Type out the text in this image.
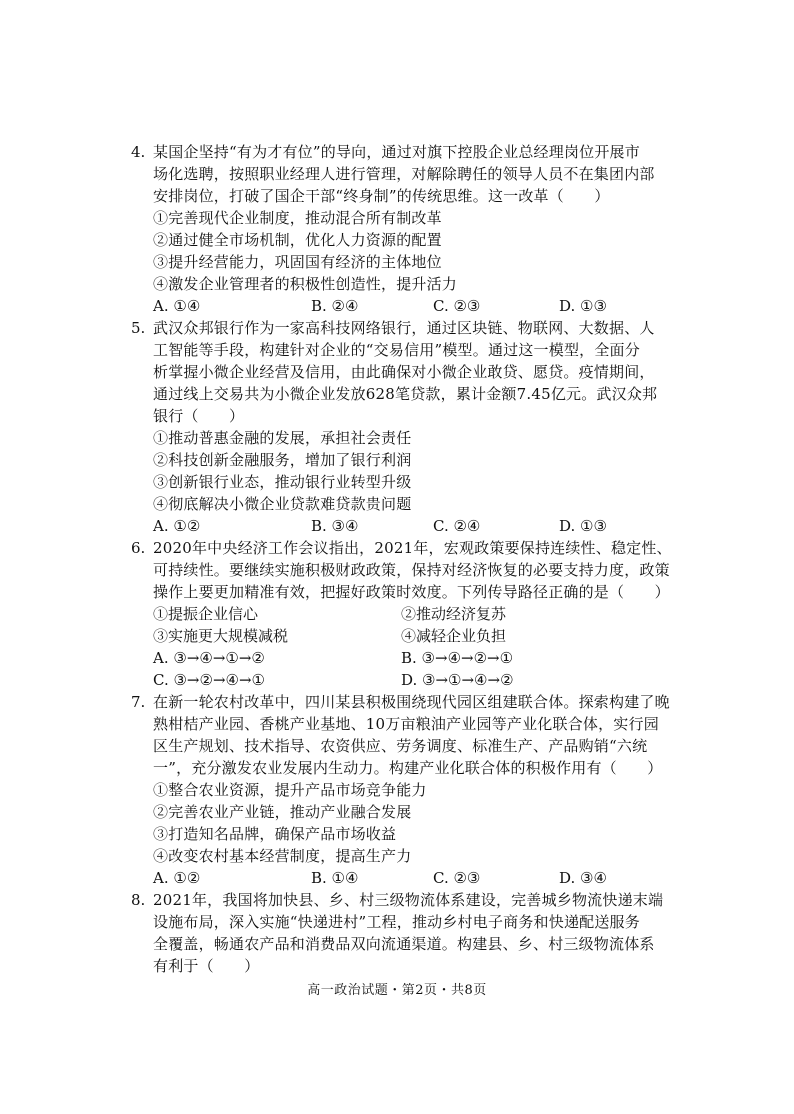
4. 某国企坚持“有为才有位”的导向，通过对旗下控股企业总经理岗位开展市
场化选聘，按照职业经理人进行管理，对解除聘任的领导人员不在集团内部
安排岗位，打破了国企干部“终身制”的传统思维。这一改革（　　）
①完善现代企业制度，推动混合所有制改革
②通过健全市场机制，优化人力资源的配置
③提升经营能力，巩固国有经济的主体地位
④激发企业管理者的积极性创造性，提升活力
A. ①④	B. ②④	C. ②③	D. ①③
5. 武汉众邦银行作为一家高科技网络银行，通过区块链、物联网、大数据、人
工智能等手段，构建针对企业的“交易信用”模型。通过这一模型，全面分
析掌握小微企业经营及信用，由此确保对小微企业敢贷、愿贷。疫情期间，
通过线上交易共为小微企业发放628笔贷款，累计金额7.45亿元。武汉众邦
银行（　　）
①推动普惠金融的发展，承担社会责任
②科技创新金融服务，增加了银行利润
③创新银行业态，推动银行业转型升级
④彻底解决小微企业贷款难贷款贵问题
A. ①②	B. ③④	C. ②④	D. ①③
6. 2020年中央经济工作会议指出，2021年，宏观政策要保持连续性、稳定性、
可持续性。要继续实施积极财政政策，保持对经济恢复的必要支持力度，政策
操作上要更加精准有效，把握好政策时效度。下列传导路径正确的是（　　）
①提振企业信心	②推动经济复苏
③实施更大规模减税	④减轻企业负担
A. ③→④→①→②	B. ③→④→②→①
C. ③→②→④→①	D. ③→①→④→②
7. 在新一轮农村改革中，四川某县积极围绕现代园区组建联合体。探索构建了晚
熟柑桔产业园、香桃产业基地、10万亩粮油产业园等产业化联合体，实行园
区生产规划、技术指导、农资供应、劳务调度、标准生产、产品购销“六统
一”，充分激发农业发展内生动力。构建产业化联合体的积极作用有（　　）
①整合农业资源，提升产品市场竞争能力
②完善农业产业链，推动产业融合发展
③打造知名品牌，确保产品市场收益
④改变农村基本经营制度，提高生产力
A. ①②	B. ①④	C. ②③	D. ③④
8. 2021年，我国将加快县、乡、村三级物流体系建设，完善城乡物流快递末端
设施布局，深入实施“快递进村”工程，推动乡村电子商务和快递配送服务
全覆盖，畅通农产品和消费品双向流通渠道。构建县、乡、村三级物流体系
有利于（　　）
高一政治试题・第2页・共8页
